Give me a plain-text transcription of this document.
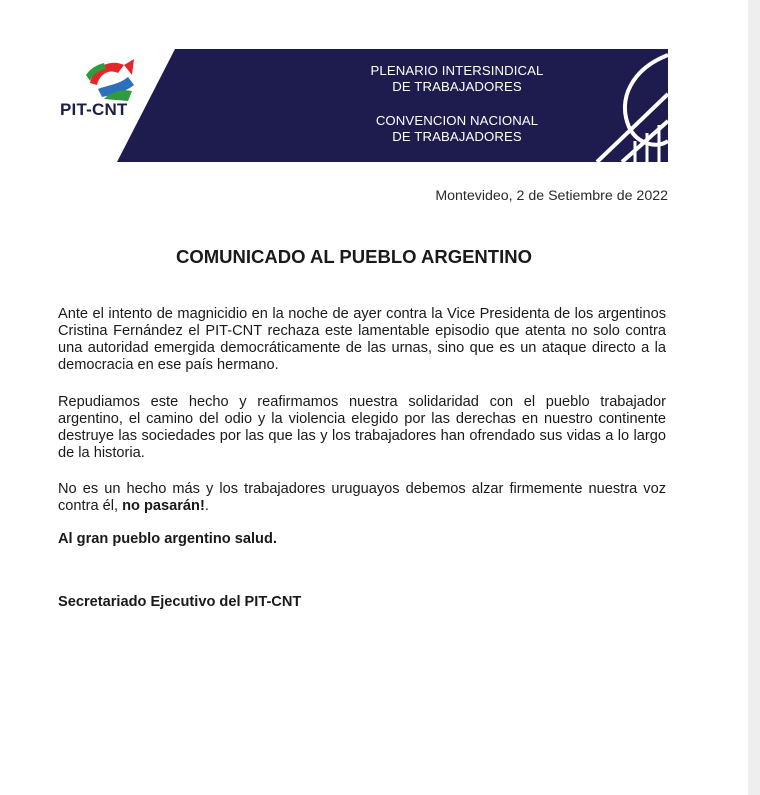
PIT-CNT
PLENARIO INTERSINDICAL
DE TRABAJADORES
CONVENCION NACIONAL
DE TRABAJADORES
Montevideo, 2 de Setiembre de 2022
COMUNICADO AL PUEBLO ARGENTINO

Ante el intento de magnicidio en la noche de ayer contra la Vice Presidenta de los argentinos Cristina Fernández el PIT-CNT rechaza este lamentable episodio que atenta no solo contra una autoridad emergida democráticamente de las urnas, sino que es un ataque directo a la democracia en ese país hermano.

Repudiamos este hecho y reafirmamos nuestra solidaridad con el pueblo trabajador argentino, el camino del odio y la violencia elegido por las derechas en nuestro continente destruye las sociedades por las que las y los trabajadores han ofrendado sus vidas a lo largo de la historia.

No es un hecho más y los trabajadores uruguayos debemos alzar firmemente nuestra voz contra él, no pasarán!.

Al gran pueblo argentino salud.
Secretariado Ejecutivo del PIT-CNT
